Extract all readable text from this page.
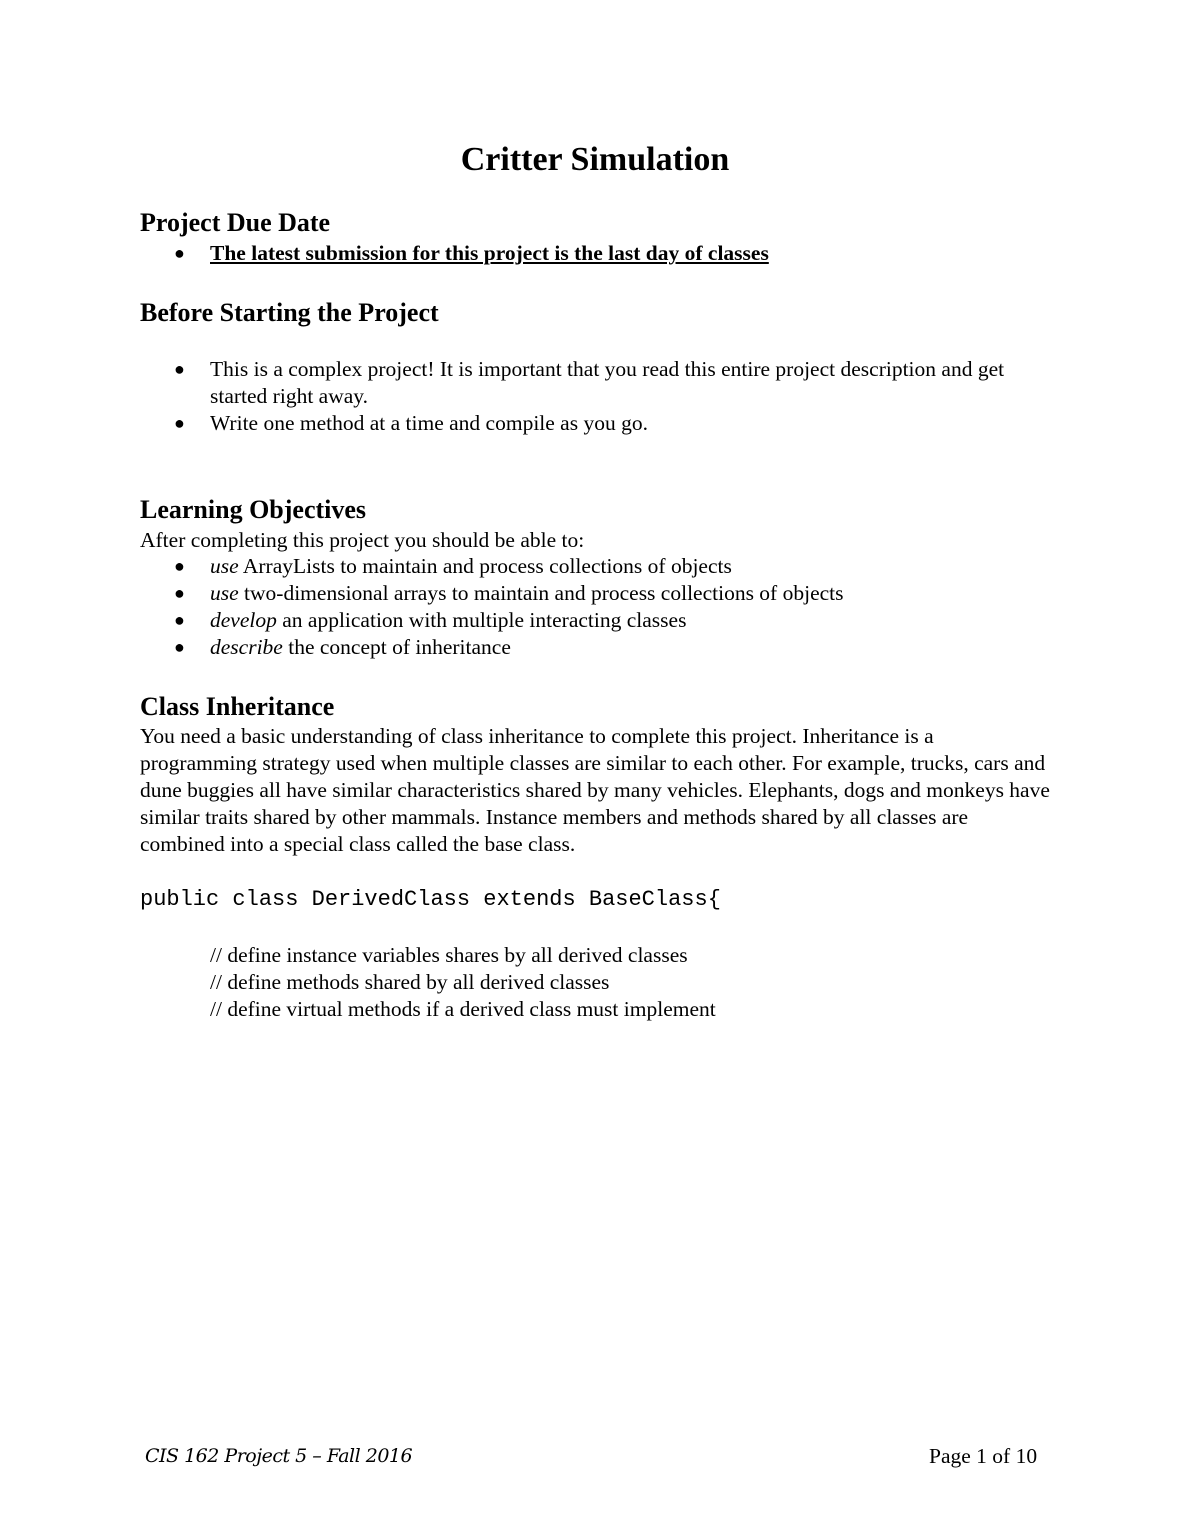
Critter Simulation
Project Due Date
● The latest submission for this project is the last day of classes
Before Starting the Project
● This is a complex project! It is important that you read this entire project description and get started right away.
● Write one method at a time and compile as you go.
Learning Objectives
After completing this project you should be able to:
● use ArrayLists to maintain and process collections of objects
● use two-dimensional arrays to maintain and process collections of objects
● develop an application with multiple interacting classes
● describe the concept of inheritance
Class Inheritance
You need a basic understanding of class inheritance to complete this project. Inheritance is a programming strategy used when multiple classes are similar to each other. For example, trucks, cars and dune buggies all have similar characteristics shared by many vehicles. Elephants, dogs and monkeys have similar traits shared by other mammals. Instance members and methods shared by all classes are combined into a special class called the base class.
public class DerivedClass extends BaseClass{
// define instance variables shares by all derived classes
// define methods shared by all derived classes
// define virtual methods if a derived class must implement
CIS 162 Project 5 – Fall 2016	Page 1 of 10
